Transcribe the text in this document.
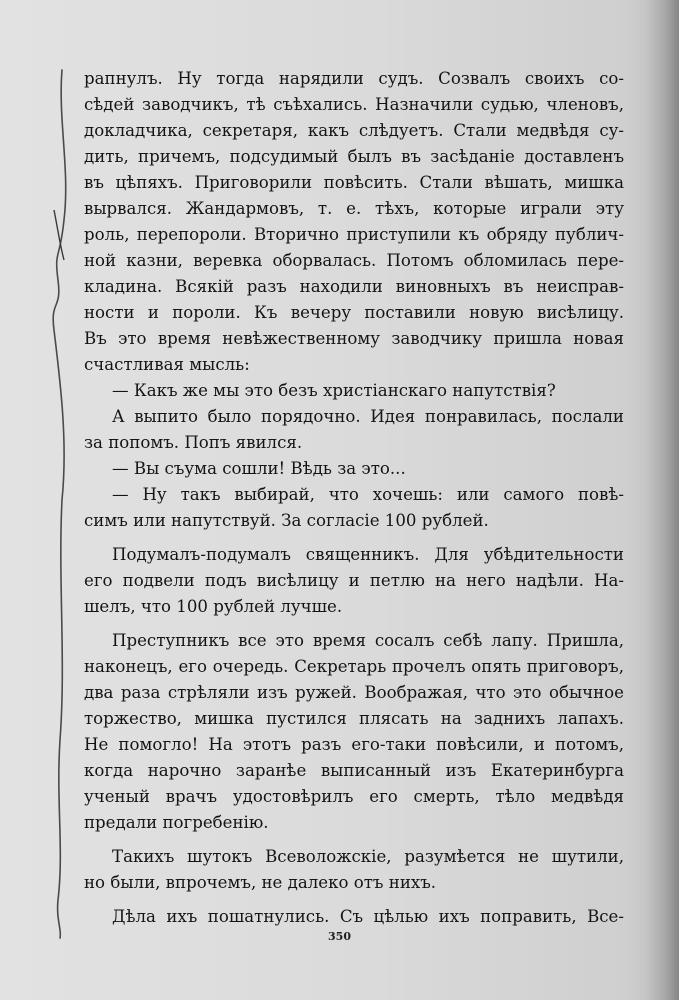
рапнулъ. Ну тогда нарядили судъ. Созвалъ своихъ со-
сѣдей заводчикъ, тѣ съѣхались. Назначили судью, членовъ,
докладчика, секретаря, какъ слѣдуетъ. Стали медвѣдя су-
дить, причемъ, подсудимый былъ въ засѣданіе доставленъ
въ цѣпяхъ. Приговорили повѣсить. Стали вѣшать, мишка
вырвался. Жандармовъ, т. е. тѣхъ, которые играли эту
роль, перепороли. Вторично приступили къ обряду публич-
ной казни, веревка оборвалась. Потомъ обломилась пере-
кладина. Всякій разъ находили виновныхъ въ неисправ-
ности и пороли. Къ вечеру поставили новую висѣлицу.
Въ это время невѣжественному заводчику пришла новая
счастливая мысль:
— Какъ же мы это безъ христіанскаго напутствія?
А выпито было порядочно. Идея понравилась, послали
за попомъ. Попъ явился.
— Вы съума сошли! Вѣдь за это...
— Ну такъ выбирай, что хочешь: или самого повѣ-
симъ или напутствуй. За согласіе 100 рублей.
Подумалъ-подумалъ священникъ. Для убѣдительности
его подвели подъ висѣлицу и петлю на него надѣли. На-
шелъ, что 100 рублей лучше.
Преступникъ все это время сосалъ себѣ лапу. Пришла,
наконецъ, его очередь. Секретарь прочелъ опять приговоръ,
два раза стрѣляли изъ ружей. Воображая, что это обычное
торжество, мишка пустился плясать на заднихъ лапахъ.
Не помогло! На этотъ разъ его-таки повѣсили, и потомъ,
когда нарочно заранѣе выписанный изъ Екатеринбурга
ученый врачъ удостовѣрилъ его смерть, тѣло медвѣдя
предали погребенію.
Такихъ шутокъ Всеволожскіе, разумѣется не шутили,
но были, впрочемъ, не далеко отъ нихъ.
Дѣла ихъ пошатнулись. Съ цѣлью ихъ поправить, Все-
350
